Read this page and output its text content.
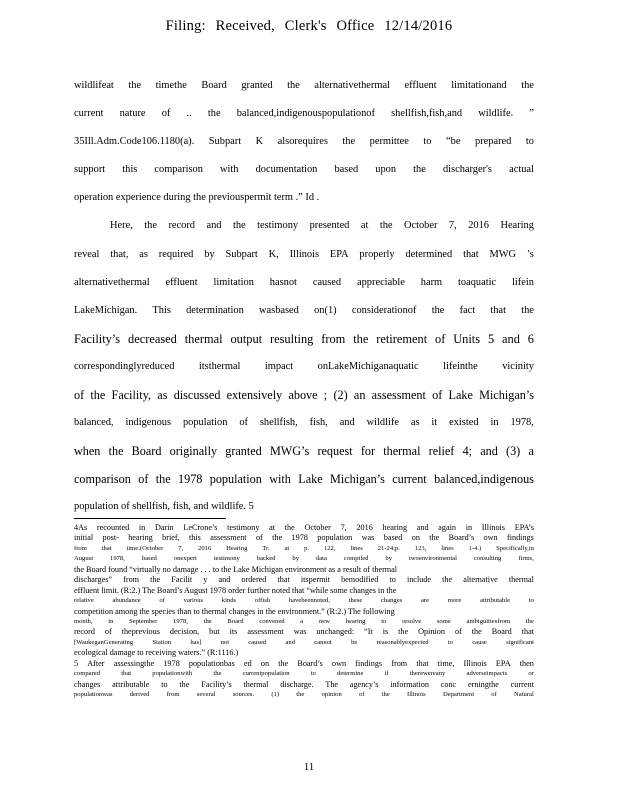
Filing: Received, Clerk's Office 12/14/2016
wildlifeat the timethe Board granted the alternativethermal effluent limitationand the
current nature of .. the balanced,indigenouspopulationof shellfish,fish,and wildlife. ”
35Ill.Adm.Code106.1180(a). Subpart K alsorequires the permittee to “be prepared to
support this comparison with documentation based upon the discharger's actual
operation experience during the previouspermit term .” Id .
Here, the record and the testimony presented at the October 7, 2016 Hearing
reveal that, as required by Subpart K, Illinois EPA properly determined that MWG ’s
alternativethermal effluent limitation hasnot caused appreciable harm toaquatic lifein
LakeMichigan. This determination wasbased on(1) considerationof the fact that the
Facility’s decreased thermal output resulting from the retirement of Units 5 and 6
correspondinglyreduced itsthermal impact onLakeMichiganaquatic lifeinthe vicinity
of the Facility, as discussed extensively above ; (2) an assessment of Lake Michigan’s
balanced, indigenous population of shellfish, fish, and wildlife as it existed in 1978,
when the Board originally granted MWG’s request for thermal relief 4; and (3) a
comparison of the 1978 population with Lake Michigan’s current balanced,indigenous
population of shellfish, fish, and wildlife. 5
4As recounted in Darin LeCrone’s testimony at the October 7, 2016 hearing and again in Illinois EPA’s
initial post- hearing brief, this assessment of the 1978 population was based on the Board’s own findings
from that time.(October 7, 2016 Hearing Tr. at p. 122, lines 21-24;p. 123, lines 1-4.) Specifically,in
August	1978,	based	onexpert	testimony	backed	by	data	compiled	by	twoenvironmental	consulting	firms,
the Board found “virtually no damage . . . to the Lake Michigan environment as a result of thermal
discharges” from the Facilit y and ordered that itspermit bemodified to include the alternative thermal
effluent limit. (R:2.) The Board’s August 1978 order further noted that “while some changes in the
relative	abundance	of	various	kinds	offish	havebeennoted,	these	changes	are	more	attributable	to
competition among the species than to thermal changes in the environment.” (R:2.) The following
month, in September 1978, the Board convened a new hearing to resolve some ambiguitiesfrom the
record of theprevious decision, but its assessment was unchanged: “It is the Opinion of the Board that
[WaukeganGenerating	Station	has]	not	caused	and	cannot	be	reasonablyexpected	to	cause	significant
ecological damage to receiving waters.” (R:1116.)
5 After assessingthe 1978 populationbas ed on the Board’s own findings from that time, Illinois EPA then
compared	that	populationwith	the	currentpopulation	to	determine	if	therewereany	adverseimpacts	or
changes attributable to the Facility’s thermal discharge. The agency’s information conc erningthe current
populationwas	derived	from	several	sources.	(1)	the	opinion	of	the	Illinois	Department	of	Natural
11
